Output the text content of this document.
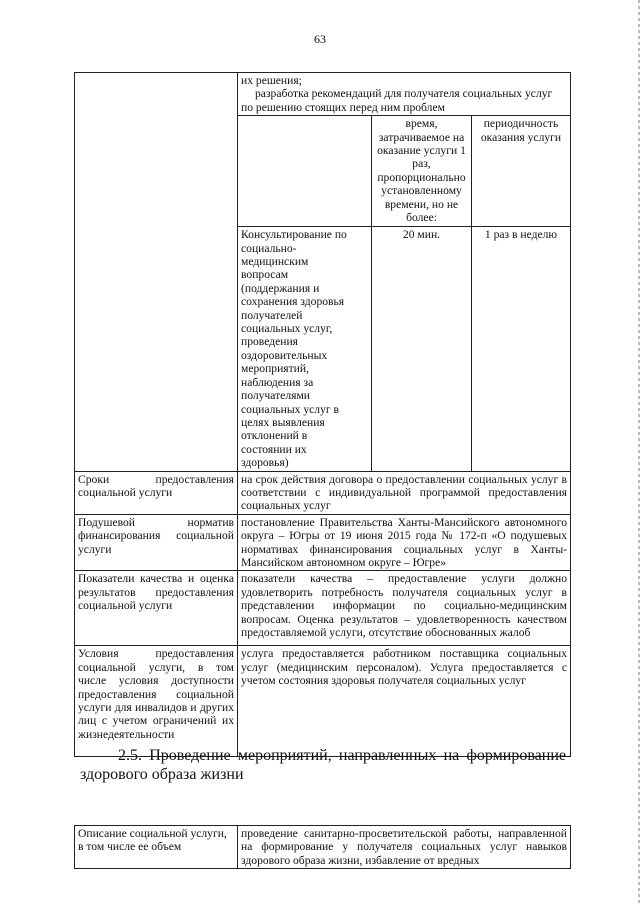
63

	их решения;
разработка рекомендаций для получателя социальных услуг
по решению стоящих перед ним проблем		

		время, затрачиваемое на оказание услуги 1 раз, пропорционально установленному времени, но не более:	периодичность оказания услуги
	Консультирование по социально-медицинским вопросам (поддержания и сохранения здоровья получателей социальных услуг, проведения оздоровительных мероприятий, наблюдения за получателями социальных услуг в целях выявления отклонений в состоянии их здоровья)	20 мин.	1 раз в неделю
Сроки предоставления социальной услуги	на срок действия договора о предоставлении социальных услуг в соответствии с индивидуальной программой предоставления социальных услуг		
Подушевой норматив финансирования социальной услуги	постановление Правительства Ханты-Мансийского автономного округа – Югры от 19 июня 2015 года № 172-п «О подушевых нормативах финансирования социальных услуг в Ханты-Мансийском автономном округе – Югре»		
Показатели качества и оценка результатов предоставления социальной услуги	показатели качества – предоставление услуги должно удовлетворить потребность получателя социальных услуг в представлении информации по социально-медицинским вопросам. Оценка результатов – удовлетворенность качеством предоставляемой услуги, отсутствие обоснованных жалоб		
Условия предоставления социальной услуги, в том числе условия доступности предоставления социальной услуги для инвалидов и других лиц с учетом ограничений их жизнедеятельности	услуга предоставляется работником поставщика социальных услуг (медицинским персоналом). Услуга предоставляется с учетом состояния здоровья получателя социальных услуг		
2.5. Проведение мероприятий, направленных на формирование
здорового образа жизни
Описание социальной услуги, в том числе ее объем	проведение санитарно-просветительской работы, направленной на формирование у получателя социальных услуг навыков здорового образа жизни, избавление от вредных
